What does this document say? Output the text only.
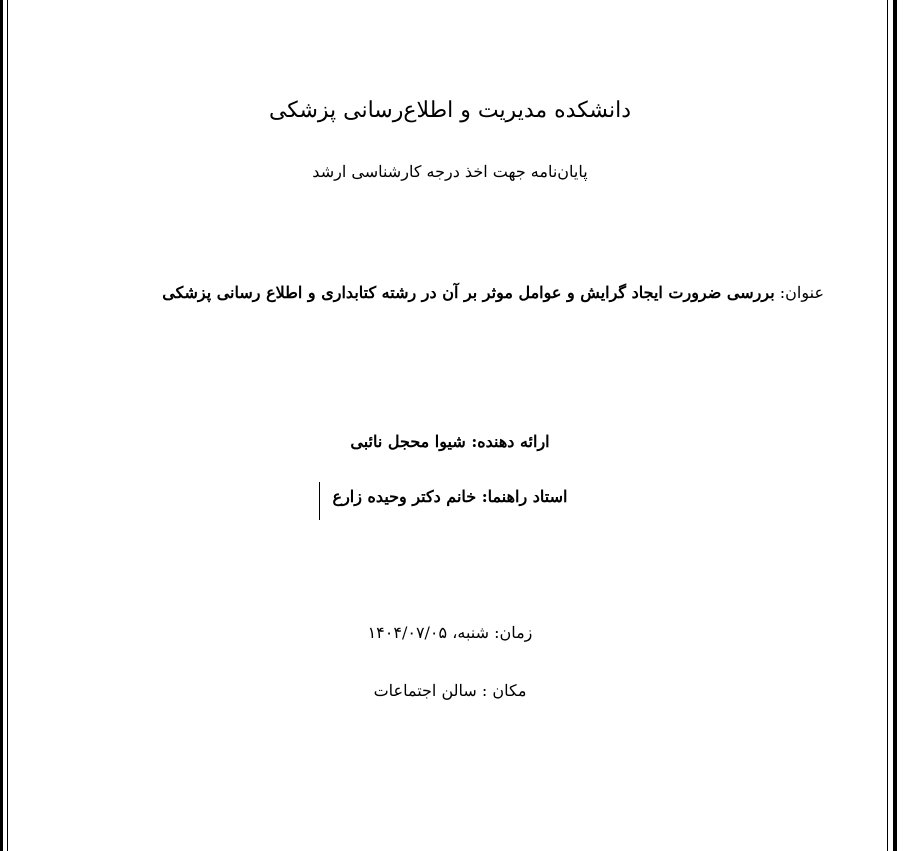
دانشکده مدیریت و اطلاع‌رسانی پزشکی
پایان‌نامه جهت اخذ درجه کارشناسی ارشد
عنوان: بررسی ضرورت ایجاد گرایش و عوامل موثر بر آن در رشته کتابداری و اطلاع رسانی پزشکی
ارائه دهنده: شیوا محجل نائبی
استاد راهنما: خانم دکتر وحیده زارع
زمان: شنبه، ۱۴۰۴/۰۷/۰۵
مکان : سالن اجتماعات
